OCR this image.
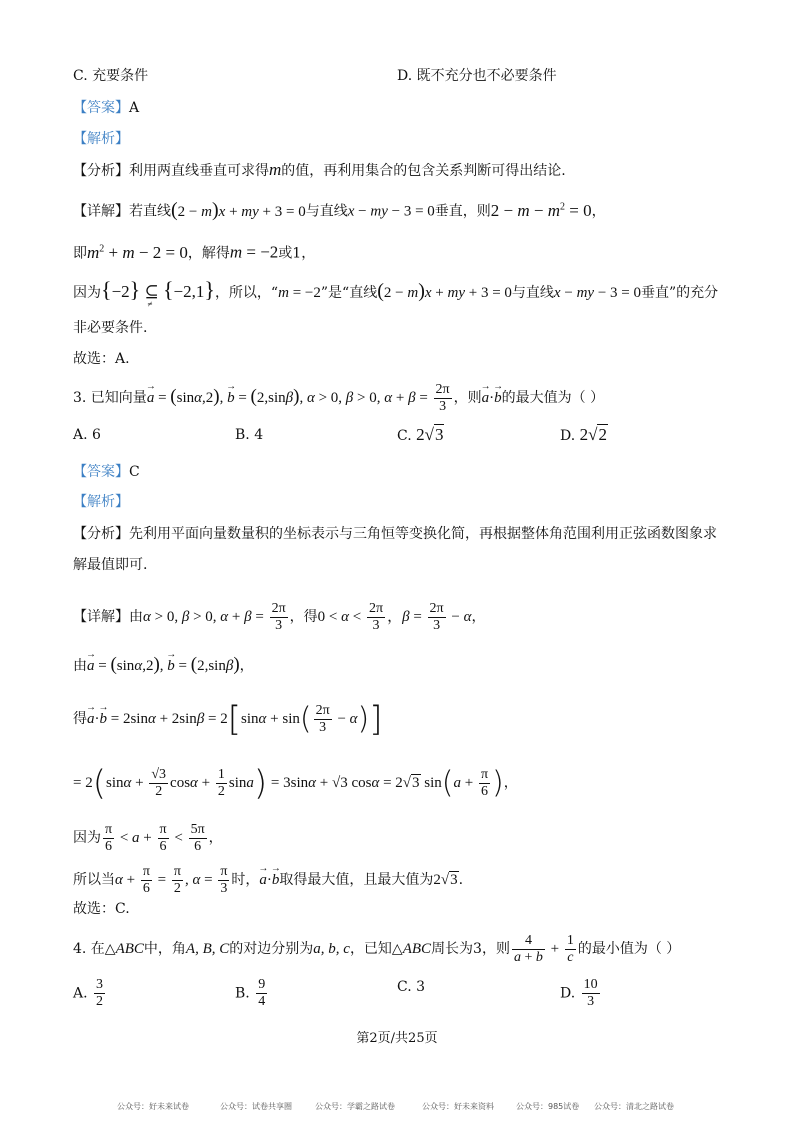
C. 充要条件	D. 既不充分也不必要条件
【答案】A
【解析】
【分析】利用两直线垂直可求得m的值，再利用集合的包含关系判断可得出结论.
【详解】若直线(2 − m)x + my + 3 = 0与直线x − my − 3 = 0垂直，则$2 - m - m^2 = 0$，
即$m^2 + m - 2 = 0$，解得m = −2或1，
因为{−2} ⊆
≠
{−2,1}，所以，“m = −2”是“直线(2 − m)x + my + 3 = 0与直线x − my − 3 = 0垂直”的充分
非必要条件.
故选：A.
3. 已知向量→ a = (sinα,2), → b = (2,sinβ), α > 0, β > 0, $\alpha + \beta = \frac{2\pi}{3}$ ，则→ a·→ b的最大值为（ ）
A. 6	B. 4	C. 2√3	D. 2√2
【答案】C
【解析】
【分析】先利用平面向量数量积的坐标表示与三角恒等变换化简，再根据整体角范围利用正弦函数图象求
解最值即可.
【详解】由α > 0, β > 0, $\alpha + \beta = \frac{2\pi}{3}$ ，得$0 < \alpha < \frac{2\pi}{3}$ ，$\beta = \frac{2\pi}{3} - \alpha$，
由→ a = (sinα,2), → b = (2,sinβ)，
得→ $a\cdot\to b = 2\sin\alpha + 2\sin\beta = 2[\sin\alpha + \sin( \frac{2\pi}{3} - \alpha)]$
= $2(\sin\alpha + \frac{√3}{2}$ $\cos\alpha + \frac{1}{2} \sin a) = 3\sin\alpha + √3$ cosα = 2√3 $\sin(a + \frac{\pi}{6}$ )，
因为 $\frac{\pi}{6} < a + \frac{\pi}{6} < \frac{5\pi}{6}$ ，
所以当$\alpha + \frac{\pi}{6} = \frac{\pi}{2}$ , $\alpha = \frac{\pi}{3}$ 时，→ a·→ b取得最大值，且最大值为2√3.
故选：C.
4. 在△ABC中，角A, B, C的对边分别为a, b, c，已知△ABC周长为3，则 $\frac{4}{a + b} + \frac{1}{c}$ 的最小值为（ ）
A. $\frac{3}{2}$	B. $\frac{9}{4}$	C. 3	D. $\frac{10}{3}$
第2页/共25页
公众号：好未来试卷	公众号：试卷共享圈	公众号：学霸之路试卷	公众号：好未来资料	公众号：985试卷 公众号：清北之路试卷
